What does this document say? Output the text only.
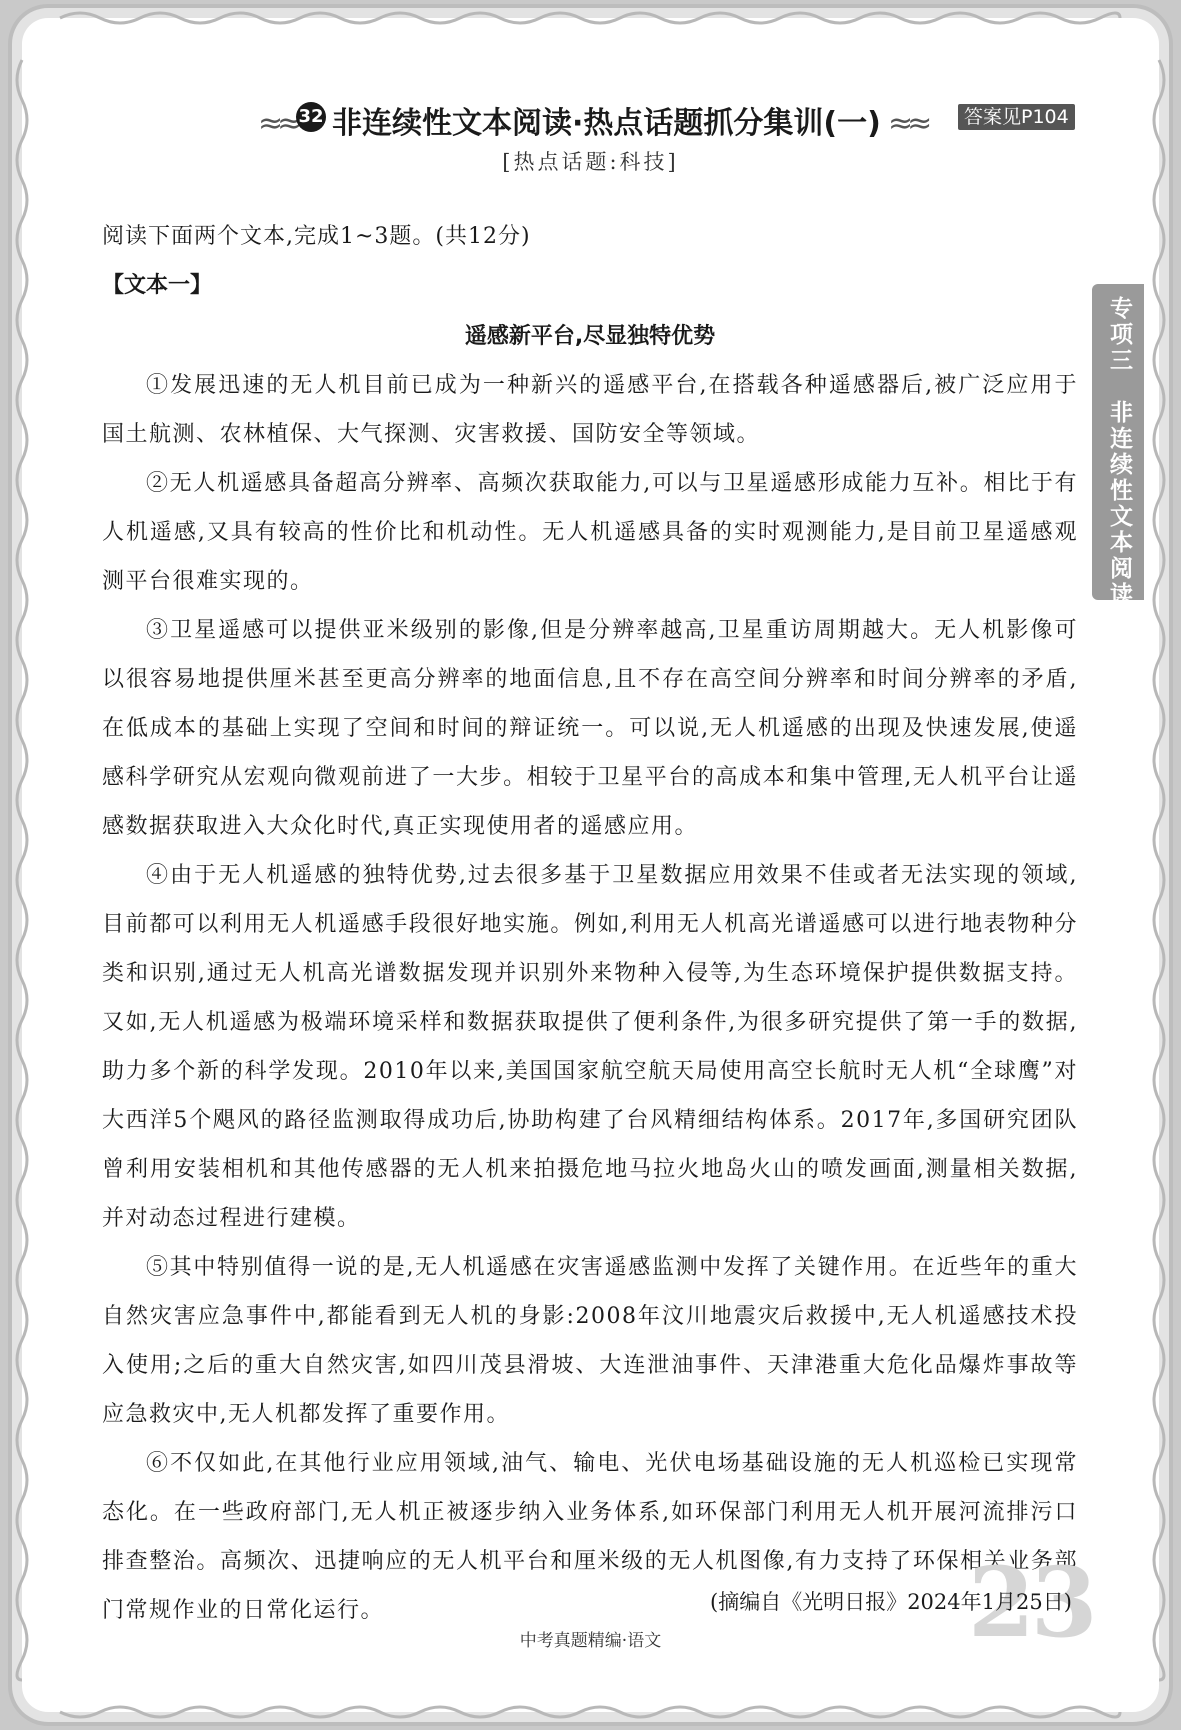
≈≈ 32 非连续性文本阅读·热点话题抓分集训(一) ≈≈	答案见P104
[热点话题:科技]
专项三　非连续性文本阅读

阅读下面两个文本,完成1~3题。(共12分)

【文本一】

遥感新平台,尽显独特优势

①发展迅速的无人机目前已成为一种新兴的遥感平台,在搭载各种遥感器后,被广泛应用于国土航测、农林植保、大气探测、灾害救援、国防安全等领域。

②无人机遥感具备超高分辨率、高频次获取能力,可以与卫星遥感形成能力互补。相比于有人机遥感,又具有较高的性价比和机动性。无人机遥感具备的实时观测能力,是目前卫星遥感观测平台很难实现的。

③卫星遥感可以提供亚米级别的影像,但是分辨率越高,卫星重访周期越大。无人机影像可以很容易地提供厘米甚至更高分辨率的地面信息,且不存在高空间分辨率和时间分辨率的矛盾,在低成本的基础上实现了空间和时间的辩证统一。可以说,无人机遥感的出现及快速发展,使遥感科学研究从宏观向微观前进了一大步。相较于卫星平台的高成本和集中管理,无人机平台让遥感数据获取进入大众化时代,真正实现使用者的遥感应用。

④由于无人机遥感的独特优势,过去很多基于卫星数据应用效果不佳或者无法实现的领域,目前都可以利用无人机遥感手段很好地实施。例如,利用无人机高光谱遥感可以进行地表物种分类和识别,通过无人机高光谱数据发现并识别外来物种入侵等,为生态环境保护提供数据支持。又如,无人机遥感为极端环境采样和数据获取提供了便利条件,为很多研究提供了第一手的数据,助力多个新的科学发现。2010年以来,美国国家航空航天局使用高空长航时无人机“全球鹰”对大西洋5个飓风的路径监测取得成功后,协助构建了台风精细结构体系。2017年,多国研究团队曾利用安装相机和其他传感器的无人机来拍摄危地马拉火地岛火山的喷发画面,测量相关数据,并对动态过程进行建模。

⑤其中特别值得一说的是,无人机遥感在灾害遥感监测中发挥了关键作用。在近些年的重大自然灾害应急事件中,都能看到无人机的身影:2008年汶川地震灾后救援中,无人机遥感技术投入使用;之后的重大自然灾害,如四川茂县滑坡、大连泄油事件、天津港重大危化品爆炸事故等应急救灾中,无人机都发挥了重要作用。

⑥不仅如此,在其他行业应用领域,油气、输电、光伏电场基础设施的无人机巡检已实现常态化。在一些政府部门,无人机正被逐步纳入业务体系,如环保部门利用无人机开展河流排污口排查整治。高频次、迅捷响应的无人机平台和厘米级的无人机图像,有力支持了环保相关业务部门常规作业的日常化运行。	23
(摘编自《光明日报》2024年1月25日)
中考真题精编·语文
